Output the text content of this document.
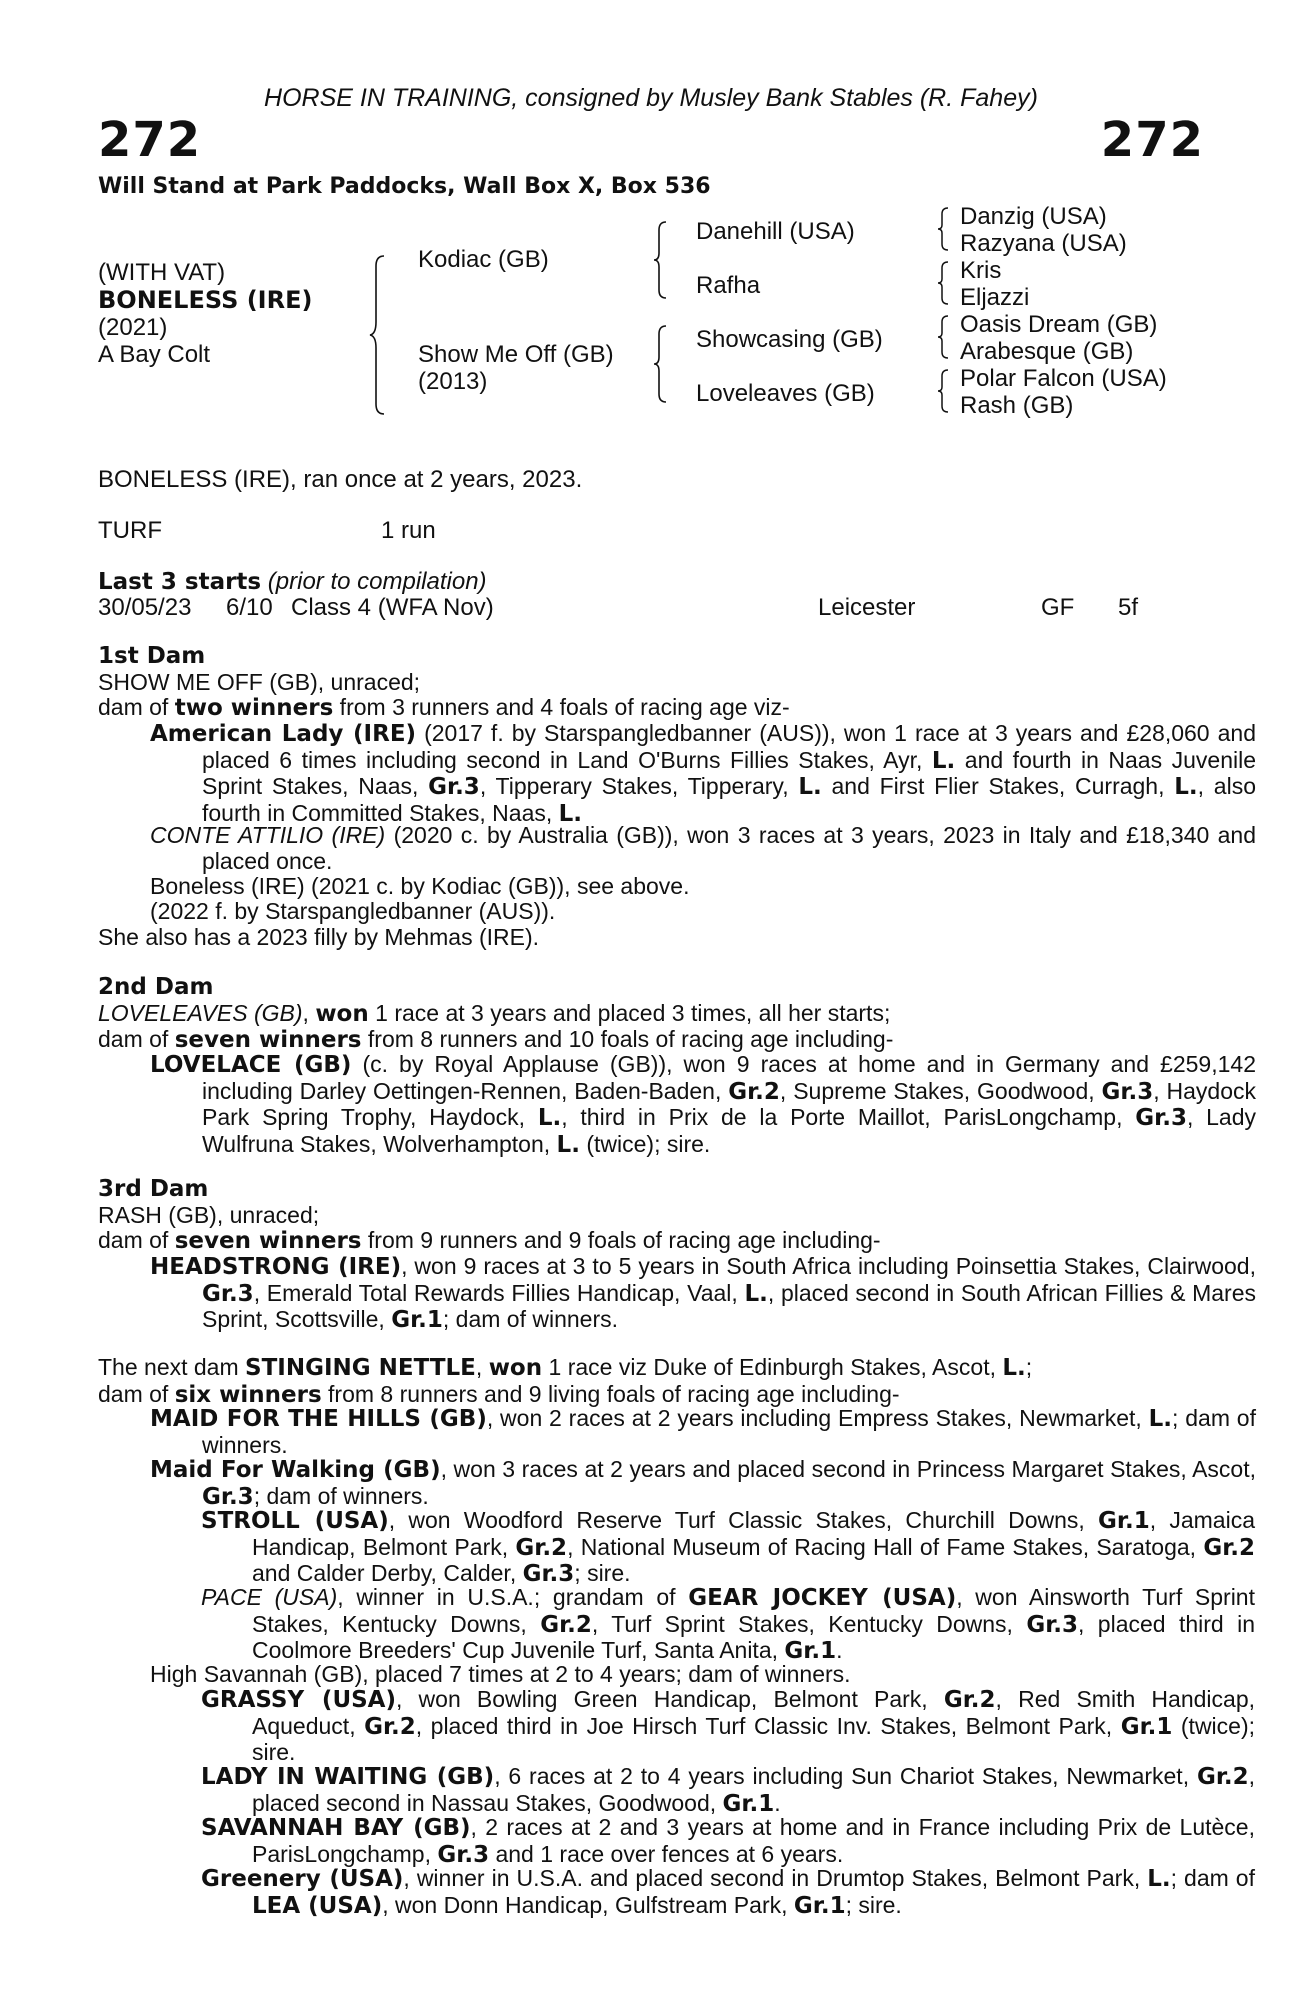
HORSE IN TRAINING, consigned by Musley Bank Stables (R. Fahey)
272	272
Will Stand at Park Paddocks, Wall Box X, Box 536
(WITH VAT)
BONELESS (IRE)
(2021)
A Bay Colt
Kodiac (GB)
Show Me Off (GB)
(2013)
Danehill (USA)
Rafha
Showcasing (GB)
Loveleaves (GB)
Danzig (USA)
Razyana (USA)
Kris
Eljazzi
Oasis Dream (GB)
Arabesque (GB)
Polar Falcon (USA)
Rash (GB)
BONELESS (IRE), ran once at 2 years, 2023.
TURF	1 run
Last 3 starts (prior to compilation)
30/05/23 6/10 Class 4 (WFA Nov)	Leicester	GF 5f
1st Dam
SHOW ME OFF (GB), unraced;
dam of two winners from 3 runners and 4 foals of racing age viz-
American Lady (IRE) (2017 f. by Starspangledbanner (AUS)), won 1 race at 3 years and £28,060 and placed 6 times including second in Land O'Burns Fillies Stakes, Ayr, L. and fourth in Naas Juvenile Sprint Stakes, Naas, Gr.3, Tipperary Stakes, Tipperary, L. and First Flier Stakes, Curragh, L., also fourth in Committed Stakes, Naas, L.
CONTE ATTILIO (IRE) (2020 c. by Australia (GB)), won 3 races at 3 years, 2023 in Italy and £18,340 and placed once.
Boneless (IRE) (2021 c. by Kodiac (GB)), see above.
(2022 f. by Starspangledbanner (AUS)).
She also has a 2023 filly by Mehmas (IRE).
2nd Dam
LOVELEAVES (GB), won 1 race at 3 years and placed 3 times, all her starts;
dam of seven winners from 8 runners and 10 foals of racing age including-
LOVELACE (GB) (c. by Royal Applause (GB)), won 9 races at home and in Germany and £259,142 including Darley Oettingen-Rennen, Baden-Baden, Gr.2, Supreme Stakes, Goodwood, Gr.3, Haydock Park Spring Trophy, Haydock, L., third in Prix de la Porte Maillot, ParisLongchamp, Gr.3, Lady Wulfruna Stakes, Wolverhampton, L. (twice); sire.
3rd Dam
RASH (GB), unraced;
dam of seven winners from 9 runners and 9 foals of racing age including-
HEADSTRONG (IRE), won 9 races at 3 to 5 years in South Africa including Poinsettia Stakes, Clairwood, Gr.3, Emerald Total Rewards Fillies Handicap, Vaal, L., placed second in South African Fillies & Mares Sprint, Scottsville, Gr.1; dam of winners.
The next dam STINGING NETTLE, won 1 race viz Duke of Edinburgh Stakes, Ascot, L.;
dam of six winners from 8 runners and 9 living foals of racing age including-
MAID FOR THE HILLS (GB), won 2 races at 2 years including Empress Stakes, Newmarket, L.; dam of winners.
Maid For Walking (GB), won 3 races at 2 years and placed second in Princess Margaret Stakes, Ascot, Gr.3; dam of winners.
STROLL (USA), won Woodford Reserve Turf Classic Stakes, Churchill Downs, Gr.1, Jamaica Handicap, Belmont Park, Gr.2, National Museum of Racing Hall of Fame Stakes, Saratoga, Gr.2 and Calder Derby, Calder, Gr.3; sire.
PACE (USA), winner in U.S.A.; grandam of GEAR JOCKEY (USA), won Ainsworth Turf Sprint Stakes, Kentucky Downs, Gr.2, Turf Sprint Stakes, Kentucky Downs, Gr.3, placed third in Coolmore Breeders' Cup Juvenile Turf, Santa Anita, Gr.1.
High Savannah (GB), placed 7 times at 2 to 4 years; dam of winners.
GRASSY (USA), won Bowling Green Handicap, Belmont Park, Gr.2, Red Smith Handicap, Aqueduct, Gr.2, placed third in Joe Hirsch Turf Classic Inv. Stakes, Belmont Park, Gr.1 (twice); sire.
LADY IN WAITING (GB), 6 races at 2 to 4 years including Sun Chariot Stakes, Newmarket, Gr.2, placed second in Nassau Stakes, Goodwood, Gr.1.
SAVANNAH BAY (GB), 2 races at 2 and 3 years at home and in France including Prix de Lutèce, ParisLongchamp, Gr.3 and 1 race over fences at 6 years.
Greenery (USA), winner in U.S.A. and placed second in Drumtop Stakes, Belmont Park, L.; dam of LEA (USA), won Donn Handicap, Gulfstream Park, Gr.1; sire.
